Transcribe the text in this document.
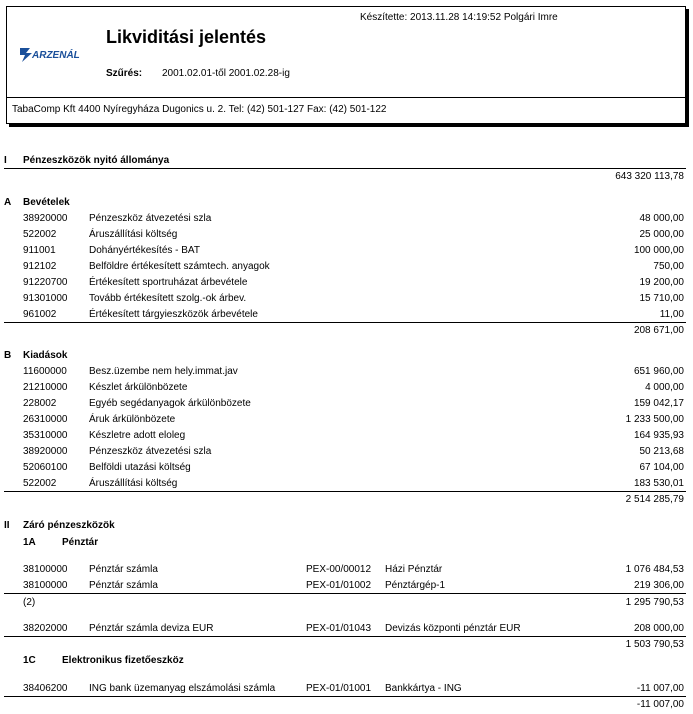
Készítette: 2013.11.28 14:19:52 Polgári Imre
ARZENÁL
Likviditási jelentés
Szűrés: 2001.02.01-től 2001.02.28-ig
TabaComp Kft 4400 Nyíregyháza Dugonics u. 2. Tel: (42) 501-127 Fax: (42) 501-122
I Pénzeszközök nyitó állománya
643 320 113,78
A Bevételek
38920000 Pénzeszköz átvezetési szla	48 000,00
522002	Áruszállítási költség	25 000,00
911001	Dohányértékesítés - BAT	100 000,00
912102	Belföldre értékesített számtech. anyagok	750,00
91220700 Értékesített sportruházat árbevétele	19 200,00
91301000 Tovább értékesített szolg.-ok árbev.	15 710,00
961002	Értékesített tárgyieszközök árbevétele	11,00
208 671,00
B Kiadások
11600000 Besz.üzembe nem hely.immat.jav	651 960,00
21210000 Készlet árkülönbözete	4 000,00
228002	Egyéb segédanyagok árkülönbözete	159 042,17
26310000 Áruk árkülönbözete	1 233 500,00
35310000 Készletre adott eloleg	164 935,93
38920000 Pénzeszköz átvezetési szla	50 213,68
52060100 Belföldi utazási költség	67 104,00
522002	Áruszállítási költség	183 530,01
2 514 285,79
II Záró pénzeszközök
1A	Pénztár
38100000 Pénztár számla	PEX-00/00012 Házi Pénztár	1 076 484,53
38100000 Pénztár számla	PEX-01/01002 Pénztárgép-1	219 306,00
(2)	1 295 790,53
38202000 Pénztár számla deviza EUR	PEX-01/01043 Devizás központi pénztár EUR	208 000,00
1 503 790,53
1C	Elektronikus fizetőeszköz
38406200 ING bank üzemanyag elszámolási számla	PEX-01/01001 Bankkártya - ING	-11 007,00
-11 007,00
